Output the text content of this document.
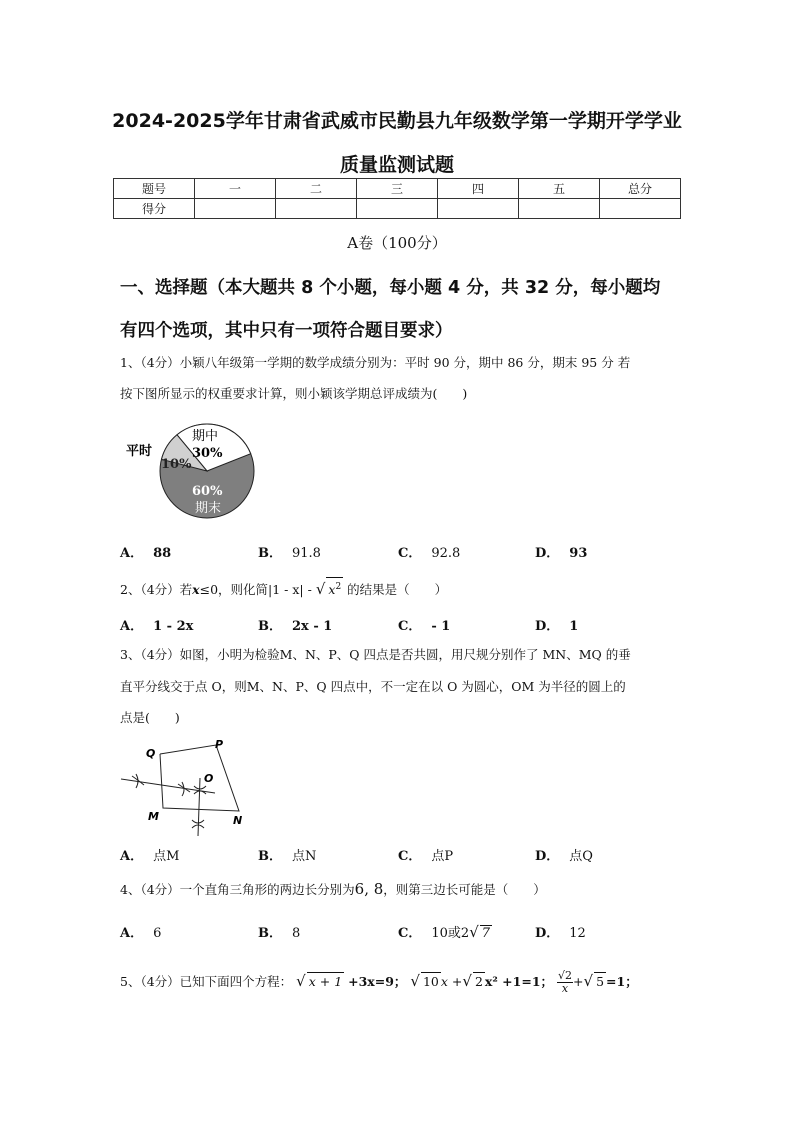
2024-2025学年甘肃省武威市民勤县九年级数学第一学期开学学业
质量监测试题
题号	一	二	三	四	五	总分
得分						
A卷（100分）
一、选择题（本大题共 8 个小题，每小题 4 分，共 32 分，每小题均
有四个选项，其中只有一项符合题目要求）
1、（4分）小颖八年级第一学期的数学成绩分别为：平时 90 分，期中 86 分，期末 95 分 若
按下图所显示的权重要求计算，则小颖该学期总评成绩为(　　)
平时
10%
期中
30%
60%
期末
A． 88	B． 91.8	C． 92.8	D． 93
2、（4分）若x≤0，则化简|1 - x| - √ $x^2$ 的结果是（　　）
A． 1 - 2x	B． 2x - 1	C． - 1	D． 1
3、（4分）如图，小明为检验M、N、P、Q 四点是否共圆，用尺规分别作了 MN、MQ 的垂
直平分线交于点 O，则M、N、P、Q 四点中，不一定在以 O 为圆心，OM 为半径的圆上的
点是(　　)
Q
P
O
M	N
A． 点M	B． 点N	C． 点P	D． 点Q
4、（4分）一个直角三角形的两边长分别为6, 8，则第三边长可能是（　　）
A． 6	B． 8	C． 10或2√ 7	D． 12
5、（4分）已知下面四个方程： √ x + 1 +3x=9； √ 10 x +√ 2 x² +1=1； $\frac{√2}{x}$ +√ 5 =1；
